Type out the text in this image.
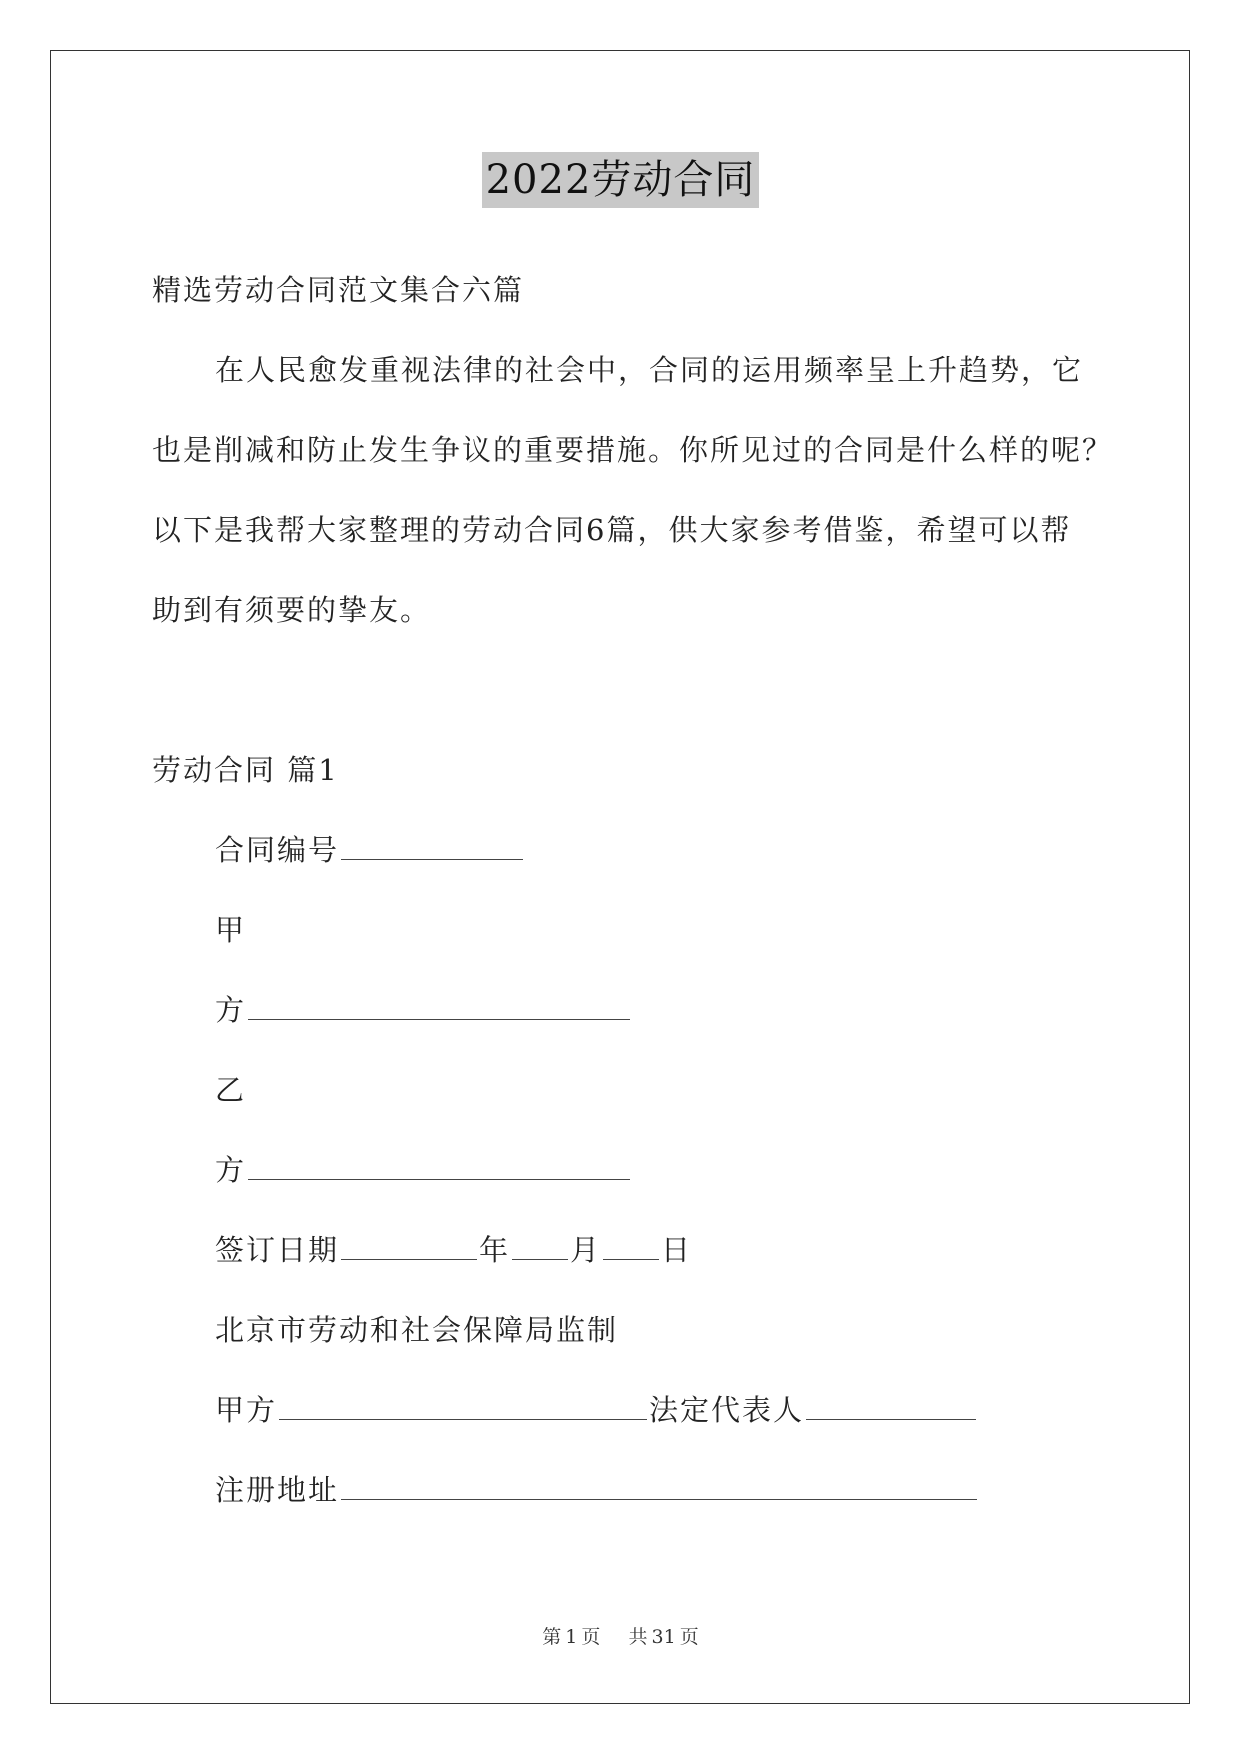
2022劳动合同
精选劳动合同范文集合六篇
在人民愈发重视法律的社会中，合同的运用频率呈上升趋势，它
也是削减和防止发生争议的重要措施。你所见过的合同是什么样的呢？
以下是我帮大家整理的劳动合同6篇，供大家参考借鉴，希望可以帮
助到有须要的挚友。
劳动合同 篇1
合同编号
甲
方
乙
方
签订日期	年 月 日
北京市劳动和社会保障局监制
甲方	法定代表人
注册地址
第 1 页 共 31 页
